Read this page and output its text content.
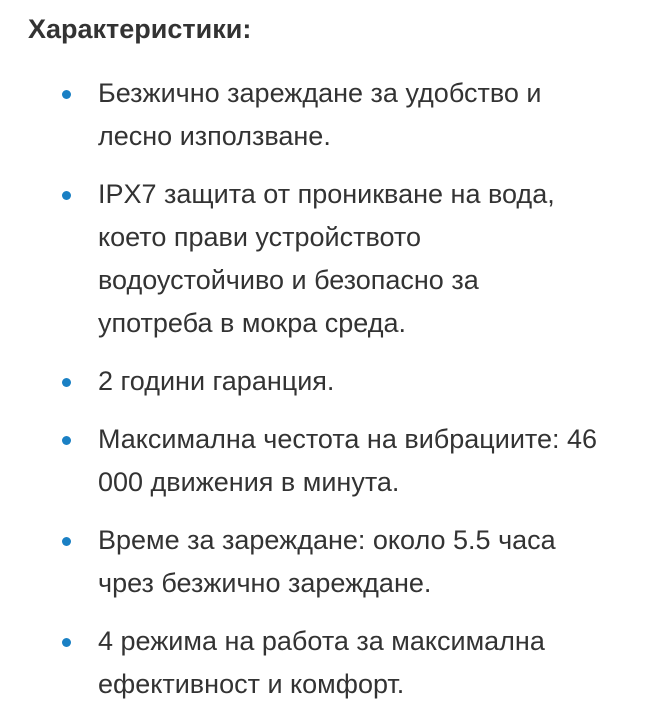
Характеристики:
Безжично зареждане за удобство и
лесно използване.
IPX7 защита от проникване на вода,
което прави устройството
водоустойчиво и безопасно за
употреба в мокра среда.
2 години гаранция.
Максимална честота на вибрациите: 46
000 движения в минута.
Време за зареждане: около 5.5 часа
чрез безжично зареждане.
4 режима на работа за максимална
ефективност и комфорт.
